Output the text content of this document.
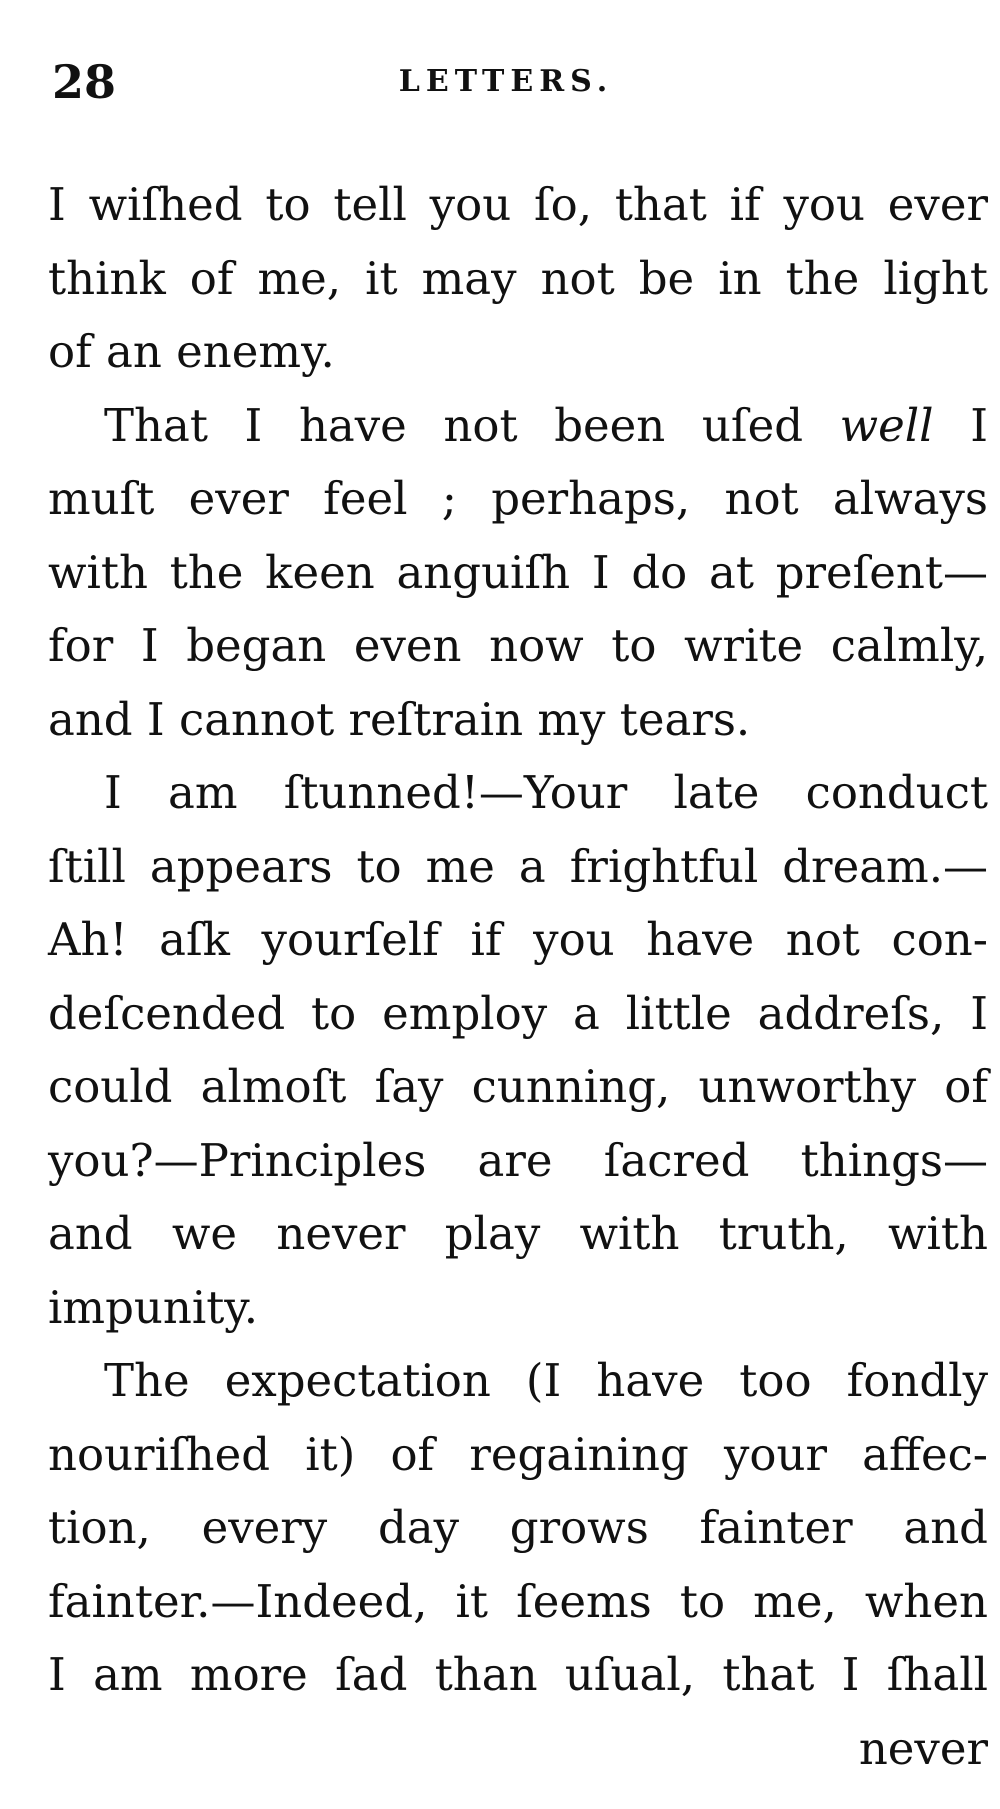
28	LETTERS.
I wiſhed to tell you ſo, that if you ever
think of me, it may not be in the light
of an enemy.
That I have not been uſed well I
muſt ever feel ; perhaps, not always
with the keen anguiſh I do at preſent—
for I began even now to write calmly,
and I cannot reſtrain my tears.
I am ſtunned!—Your late conduct
ſtill appears to me a frightful dream.—
Ah! aſk yourſelf if you have not con-
deſcended to employ a little addreſs, I
could almoſt ſay cunning, unworthy of
you?—Principles are ſacred things—
and we never play with truth, with
impunity.
The expectation (I have too fondly
nouriſhed it) of regaining your affec-
tion, every day grows fainter and
fainter.—Indeed, it ſeems to me, when
I am more ſad than uſual, that I ſhall
never
